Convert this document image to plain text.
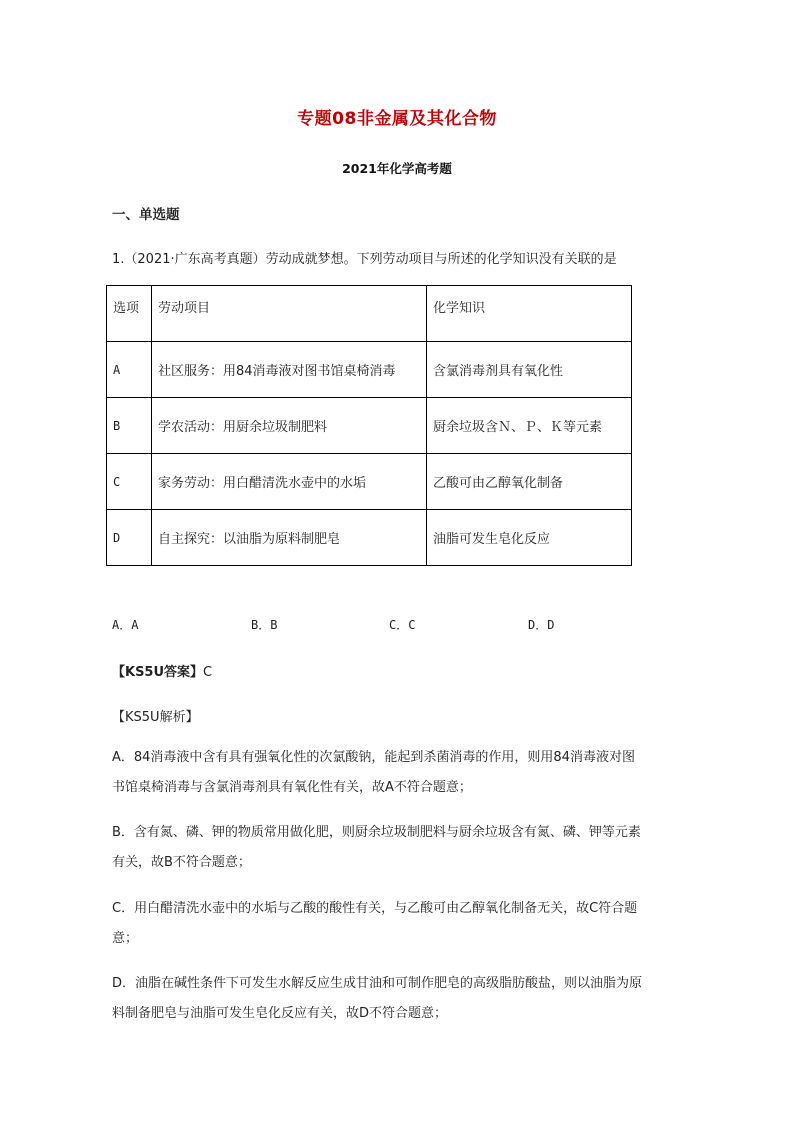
专题08非金属及其化合物
2021年化学高考题
一、单选题
1.（2021·广东高考真题）劳动成就梦想。下列劳动项目与所述的化学知识没有关联的是
选项	劳动项目	化学知识
A	社区服务：用84消毒液对图书馆桌椅消毒	含氯消毒剂具有氧化性
B	学农活动：用厨余垃圾制肥料	厨余垃圾含Ｎ、Ｐ、Ｋ等元素
C	家务劳动：用白醋清洗水壶中的水垢	乙酸可由乙醇氧化制备
D	自主探究：以油脂为原料制肥皂	油脂可发生皂化反应
A．A	B．B	C．C	D．D
【KS5U答案】C
【KS5U解析】
A．84消毒液中含有具有强氧化性的次氯酸钠，能起到杀菌消毒的作用，则用84消毒液对图
书馆桌椅消毒与含氯消毒剂具有氧化性有关，故A不符合题意；
B．含有氮、磷、钾的物质常用做化肥，则厨余垃圾制肥料与厨余垃圾含有氮、磷、钾等元素
有关，故B不符合题意；
C．用白醋清洗水壶中的水垢与乙酸的酸性有关，与乙酸可由乙醇氧化制备无关，故C符合题
意；
D．油脂在碱性条件下可发生水解反应生成甘油和可制作肥皂的高级脂肪酸盐，则以油脂为原
料制备肥皂与油脂可发生皂化反应有关，故D不符合题意；
